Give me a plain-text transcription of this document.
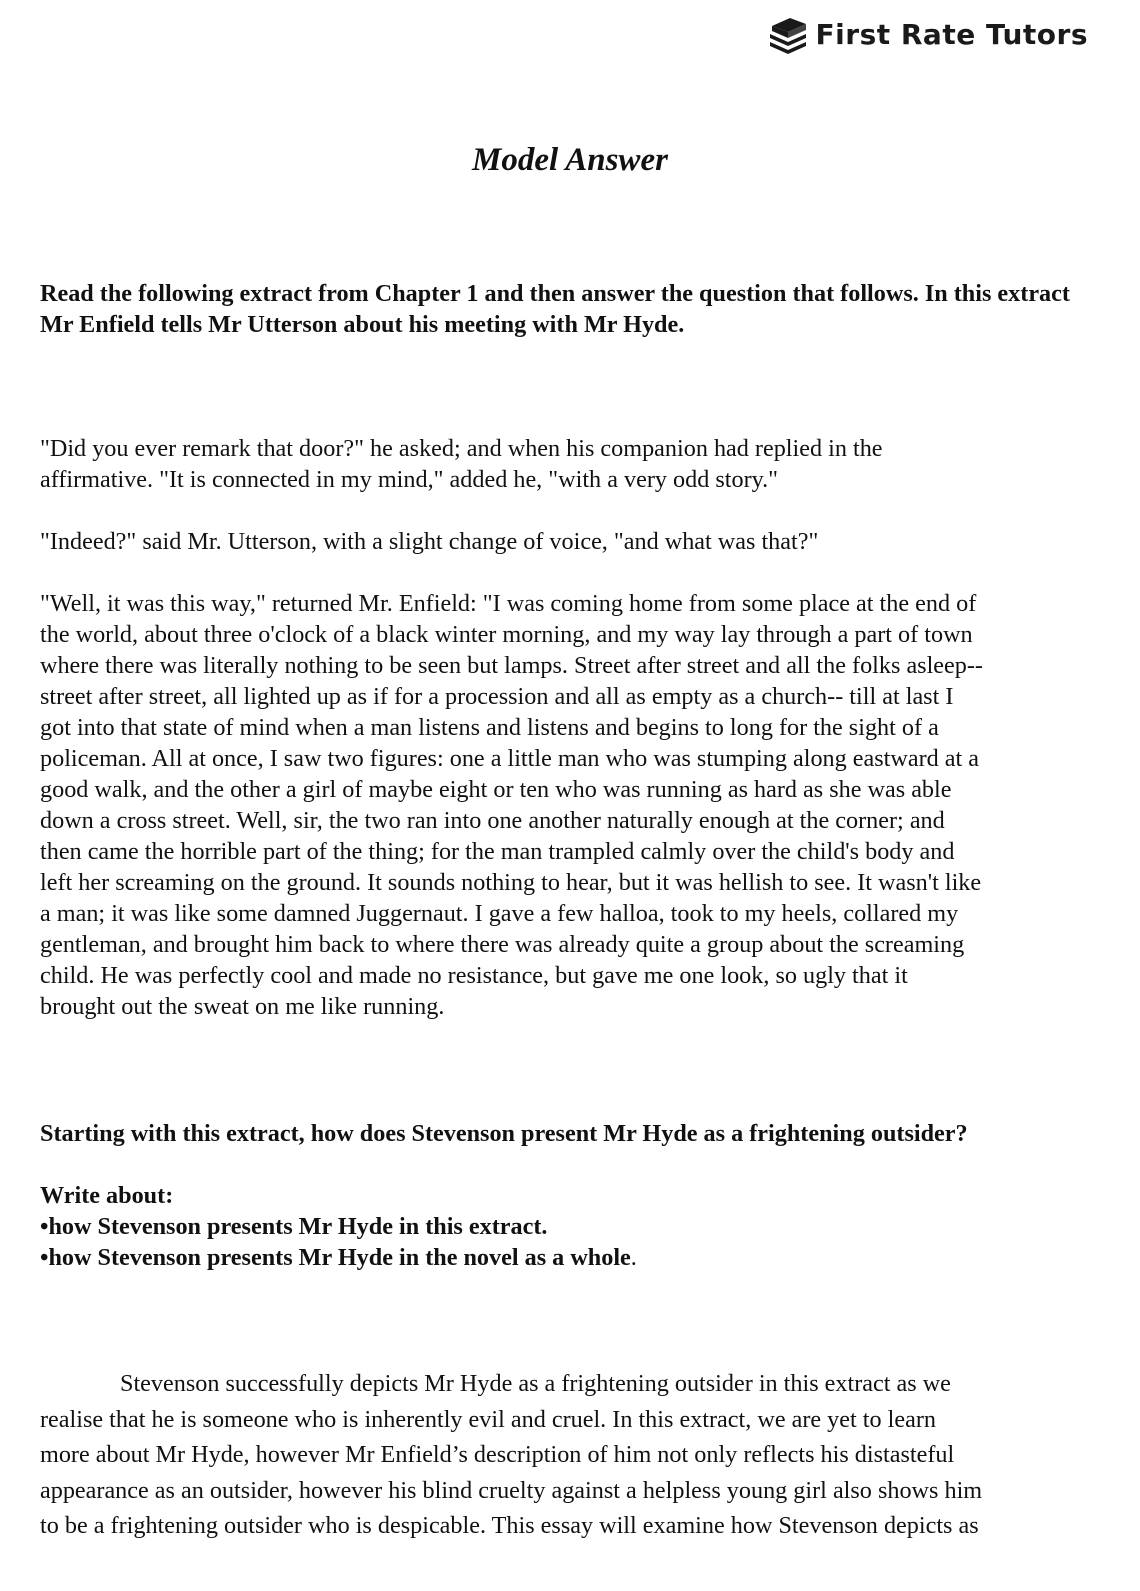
First Rate Tutors
Model Answer
Read the following extract from Chapter 1 and then answer the question that follows. In this extract Mr Enfield tells Mr Utterson about his meeting with Mr Hyde.

"Did you ever remark that door?" he asked; and when his companion had replied in the
affirmative. "It is connected in my mind," added he, "with a very odd story."

"Indeed?" said Mr. Utterson, with a slight change of voice, "and what was that?"

"Well, it was this way," returned Mr. Enfield: "I was coming home from some place at the end of
the world, about three o'clock of a black winter morning, and my way lay through a part of town
where there was literally nothing to be seen but lamps. Street after street and all the folks asleep--
street after street, all lighted up as if for a procession and all as empty as a church-- till at last I
got into that state of mind when a man listens and listens and begins to long for the sight of a
policeman. All at once, I saw two figures: one a little man who was stumping along eastward at a
good walk, and the other a girl of maybe eight or ten who was running as hard as she was able
down a cross street. Well, sir, the two ran into one another naturally enough at the corner; and
then came the horrible part of the thing; for the man trampled calmly over the child's body and
left her screaming on the ground. It sounds nothing to hear, but it was hellish to see. It wasn't like
a man; it was like some damned Juggernaut. I gave a few halloa, took to my heels, collared my
gentleman, and brought him back to where there was already quite a group about the screaming
child. He was perfectly cool and made no resistance, but gave me one look, so ugly that it
brought out the sweat on me like running.

Starting with this extract, how does Stevenson present Mr Hyde as a frightening outsider?
Write about:
•how Stevenson presents Mr Hyde in this extract.
•how Stevenson presents Mr Hyde in the novel as a whole.
Stevenson successfully depicts Mr Hyde as a frightening outsider in this extract as we
realise that he is someone who is inherently evil and cruel. In this extract, we are yet to learn
more about Mr Hyde, however Mr Enfield’s description of him not only reflects his distasteful
appearance as an outsider, however his blind cruelty against a helpless young girl also shows him
to be a frightening outsider who is despicable. This essay will examine how Stevenson depicts as
